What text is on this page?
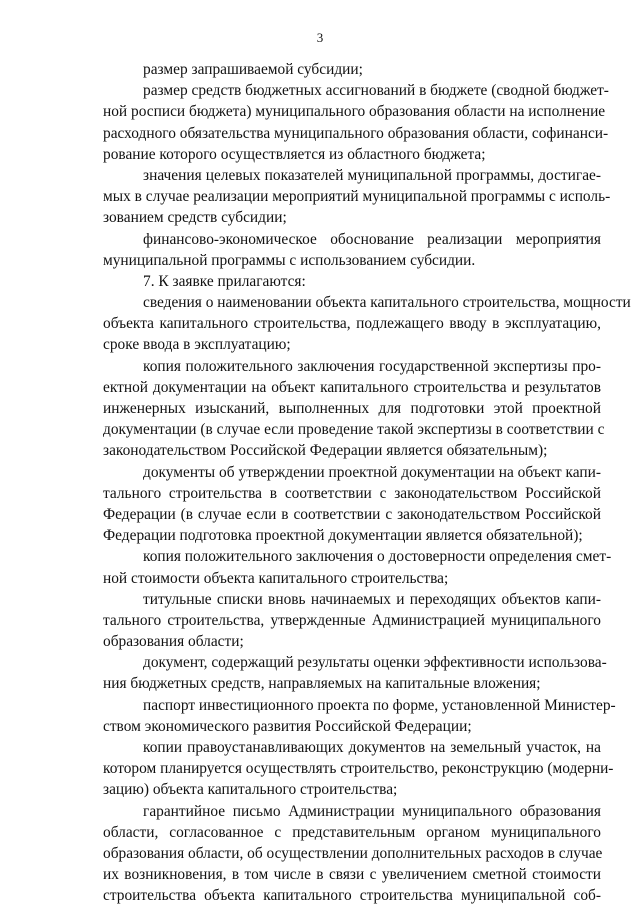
3
размер запрашиваемой субсидии;
размер средств бюджетных ассигнований в бюджете (сводной бюджет-
ной росписи бюджета) муниципального образования области на исполнение
расходного обязательства муниципального образования области, софинанси-
рование которого осуществляется из областного бюджета;
значения целевых показателей муниципальной программы, достигае-
мых в случае реализации мероприятий муниципальной программы с исполь-
зованием средств субсидии;
финансово-экономическое обоснование реализации мероприятия
муниципальной программы с использованием субсидии.
7. К заявке прилагаются:
сведения о наименовании объекта капитального строительства, мощности
объекта капитального строительства, подлежащего вводу в эксплуатацию,
сроке ввода в эксплуатацию;
копия положительного заключения государственной экспертизы про-
ектной документации на объект капитального строительства и результатов
инженерных изысканий, выполненных для подготовки этой проектной
документации (в случае если проведение такой экспертизы в соответствии с
законодательством Российской Федерации является обязательным);
документы об утверждении проектной документации на объект капи-
тального строительства в соответствии с законодательством Российской
Федерации (в случае если в соответствии с законодательством Российской
Федерации подготовка проектной документации является обязательной);
копия положительного заключения о достоверности определения смет-
ной стоимости объекта капитального строительства;
титульные списки вновь начинаемых и переходящих объектов капи-
тального строительства, утвержденные Администрацией муниципального
образования области;
документ, содержащий результаты оценки эффективности использова-
ния бюджетных средств, направляемых на капитальные вложения;
паспорт инвестиционного проекта по форме, установленной Министер-
ством экономического развития Российской Федерации;
копии правоустанавливающих документов на земельный участок, на
котором планируется осуществлять строительство, реконструкцию (модерни-
зацию) объекта капитального строительства;
гарантийное письмо Администрации муниципального образования
области, согласованное с представительным органом муниципального
образования области, об осуществлении дополнительных расходов в случае
их возникновения, в том числе в связи с увеличением сметной стоимости
строительства объекта капитального строительства муниципальной соб-
